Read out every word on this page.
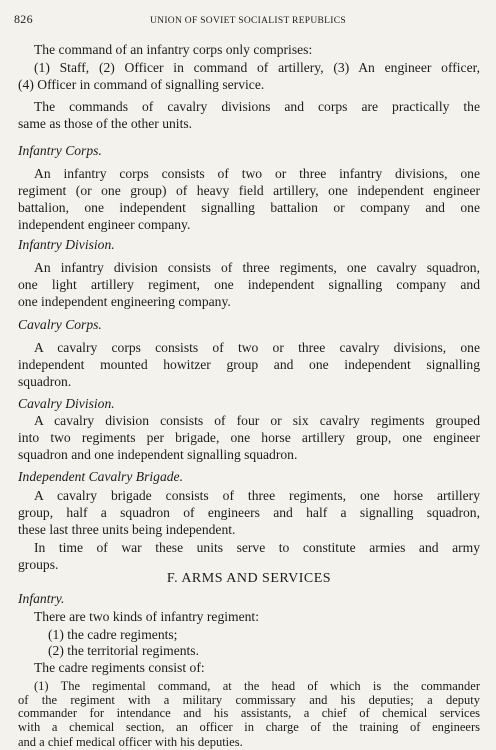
826	UNION OF SOVIET SOCIALIST REPUBLICS
The command of an infantry corps only comprises:
(1) Staff, (2) Officer in command of artillery, (3) An engineer officer,
(4) Officer in command of signalling service.
The commands of cavalry divisions and corps are practically the
same as those of the other units.
Infantry Corps.
An infantry corps consists of two or three infantry divisions, one
regiment (or one group) of heavy field artillery, one independent engineer
battalion, one independent signalling battalion or company and one
independent engineer company.
Infantry Division.
An infantry division consists of three regiments, one cavalry squadron,
one light artillery regiment, one independent signalling company and
one independent engineering company.
Cavalry Corps.
A cavalry corps consists of two or three cavalry divisions, one
independent mounted howitzer group and one independent signalling
squadron.
Cavalry Division.
A cavalry division consists of four or six cavalry regiments grouped
into two regiments per brigade, one horse artillery group, one engineer
squadron and one independent signalling squadron.
Independent Cavalry Brigade.
A cavalry brigade consists of three regiments, one horse artillery
group, half a squadron of engineers and half a signalling squadron,
these last three units being independent.
In time of war these units serve to constitute armies and army
groups.
F. ARMS AND SERVICES
Infantry.
There are two kinds of infantry regiment:
(1) the cadre regiments;
(2) the territorial regiments.
The cadre regiments consist of:
(1) The regimental command, at the head of which is the commander
of the regiment with a military commissary and his deputies; a deputy
commander for intendance and his assistants, a chief of chemical services
with a chemical section, an officer in charge of the training of engineers
and a chief medical officer with his deputies.
